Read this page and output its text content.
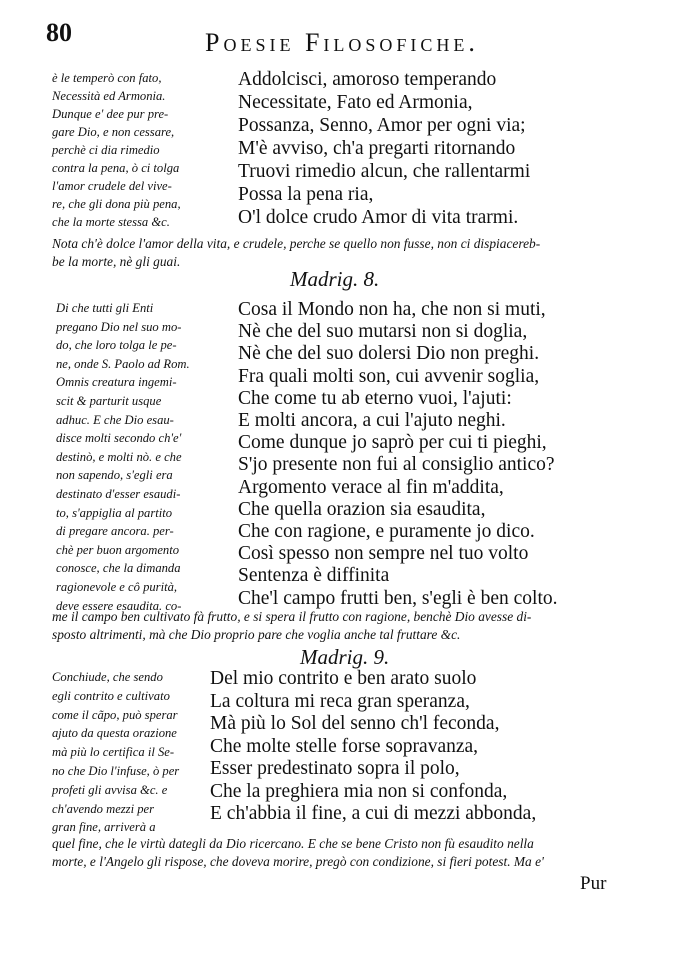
80	Poesie Filosofiche.
è le temperò con fato,
Necessità ed Armonia.
Dunque e' dee pur pre-
gare Dio, e non cessare,
perchè ci dia rimedio
contra la pena, ò ci tolga
l'amor crudele del vive-
re, che gli dona più pena,
che la morte stessa &c.
Addolcisci, amoroso temperando
Necessitate, Fato ed Armonia,
Possanza, Senno, Amor per ogni via;
M'è avviso, ch'a pregarti ritornando
Truovi rimedio alcun, che rallentarmi
Possa la pena ria,
O'l dolce crudo Amor di vita trarmi.
Nota ch'è dolce l'amor della vita, e crudele, perche se quello non fusse, non ci dispiacereb-
be la morte, nè gli guai.
Madrig. 8.
Di che tutti gli Enti
pregano Dio nel suo mo-
do, che loro tolga le pe-
ne, onde S. Paolo ad Rom.
Omnis creatura ingemi-
scit & parturit usque
adhuc. E che Dio esau-
disce molti secondo ch'e'
destinò, e molti nò. e che
non sapendo, s'egli era
destinato d'esser esaudi-
to, s'appiglia al partito
di pregare ancora. per-
chè per buon argomento
conosce, che la dimanda
ragionevole e cô purità,
deve essere esaudita. co-
Cosa il Mondo non ha, che non si muti,
Nè che del suo mutarsi non si doglia,
Nè che del suo dolersi Dio non preghi.
Fra quali molti son, cui avvenir soglia,
Che come tu ab eterno vuoi, l'ajuti:
E molti ancora, a cui l'ajuto neghi.
Come dunque jo saprò per cui ti pieghi,
S'jo presente non fui al consiglio antico?
Argomento verace al fin m'addita,
Che quella orazion sia esaudita,
Che con ragione, e puramente jo dico.
Così spesso non sempre nel tuo volto
Sentenza è diffinita
Che'l campo frutti ben, s'egli è ben colto.
me il campo ben cultivato fà frutto, e si spera il frutto con ragione, benchè Dio avesse di-
sposto altrimenti, mà che Dio proprio pare che voglia anche tal fruttare &c.
Madrig. 9.
Conchiude, che sendo
egli contrito e cultivato
come il cãpo, può sperar
ajuto da questa orazione
mà più lo certifica il Se-
no che Dio l'infuse, ò per
profeti gli avvisa &c. e
ch'avendo mezzi per
gran fine, arriverà a
Del mio contrito e ben arato suolo
La coltura mi reca gran speranza,
Mà più lo Sol del senno ch'l feconda,
Che molte stelle forse sopravanza,
Esser predestinato sopra il polo,
Che la preghiera mia non si confonda,
E ch'abbia il fine, a cui di mezzi abbonda,
quel fine, che le virtù dategli da Dio ricercano. E che se bene Cristo non fù esaudito nella
morte, e l'Angelo gli rispose, che doveva morire, pregò con condizione, si fieri potest. Ma e'
Pur
